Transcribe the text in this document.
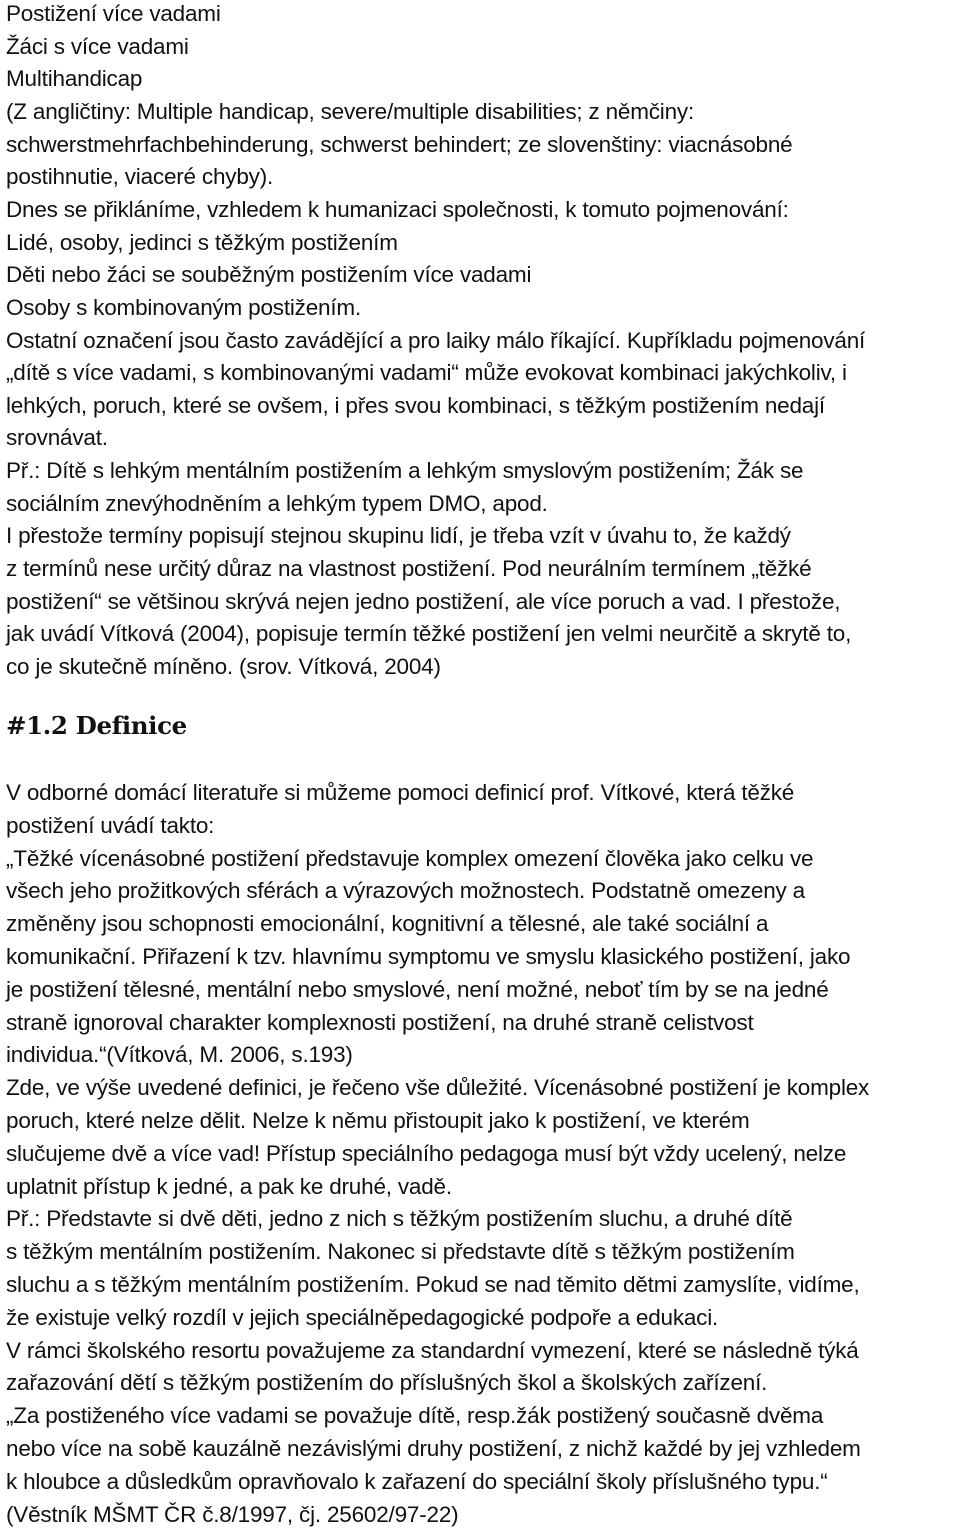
Postižení více vadami
Žáci s více vadami
Multihandicap
(Z angličtiny: Multiple handicap, severe/multiple disabilities; z němčiny:
schwerstmehrfachbehinderung, schwerst behindert; ze slovenštiny: viacnásobné
postihnutie, viaceré chyby).
Dnes se přikláníme, vzhledem k humanizaci společnosti, k tomuto pojmenování:
Lidé, osoby, jedinci s těžkým postižením
Děti nebo žáci se souběžným postižením více vadami
Osoby s kombinovaným postižením.
Ostatní označení jsou často zavádějící a pro laiky málo říkající. Kupříkladu pojmenování
„dítě s více vadami, s kombinovanými vadami“ může evokovat kombinaci jakýchkoliv, i
lehkých, poruch, které se ovšem, i přes svou kombinaci, s těžkým postižením nedají
srovnávat.
Př.: Dítě s lehkým mentálním postižením a lehkým smyslovým postižením; Žák se
sociálním znevýhodněním a lehkým typem DMO, apod.
I přestože termíny popisují stejnou skupinu lidí, je třeba vzít v úvahu to, že každý
z termínů nese určitý důraz na vlastnost postižení. Pod neurálním termínem „těžké
postižení“ se většinou skrývá nejen jedno postižení, ale více poruch a vad. I přestože,
jak uvádí Vítková (2004), popisuje termín těžké postižení jen velmi neurčitě a skrytě to,
co je skutečně míněno. (srov. Vítková, 2004)
#1.2 Definice
V odborné domácí literatuře si můžeme pomoci definicí prof. Vítkové, která těžké
postižení uvádí takto:
„Těžké vícenásobné postižení představuje komplex omezení člověka jako celku ve
všech jeho prožitkových sférách a výrazových možnostech. Podstatně omezeny a
změněny jsou schopnosti emocionální, kognitivní a tělesné, ale také sociální a
komunikační. Přiřazení k tzv. hlavnímu symptomu ve smyslu klasického postižení, jako
je postižení tělesné, mentální nebo smyslové, není možné, neboť tím by se na jedné
straně ignoroval charakter komplexnosti postižení, na druhé straně celistvost
individua.“(Vítková, M. 2006, s.193)
Zde, ve výše uvedené definici, je řečeno vše důležité. Vícenásobné postižení je komplex
poruch, které nelze dělit. Nelze k němu přistoupit jako k postižení, ve kterém
slučujeme dvě a více vad! Přístup speciálního pedagoga musí být vždy ucelený, nelze
uplatnit přístup k jedné, a pak ke druhé, vadě.
Př.: Představte si dvě děti, jedno z nich s těžkým postižením sluchu, a druhé dítě
s těžkým mentálním postižením. Nakonec si představte dítě s těžkým postižením
sluchu a s těžkým mentálním postižením. Pokud se nad těmito dětmi zamyslíte, vidíme,
že existuje velký rozdíl v jejich speciálněpedagogické podpoře a edukaci.
V rámci školského resortu považujeme za standardní vymezení, které se následně týká
zařazování dětí s těžkým postižením do příslušných škol a školských zařízení.
„Za postiženého více vadami se považuje dítě, resp.žák postižený současně dvěma
nebo více na sobě kauzálně nezávislými druhy postižení, z nichž každé by jej vzhledem
k hloubce a důsledkům opravňovalo k zařazení do speciální školy příslušného typu.“
(Věstník MŠMT ČR č.8/1997, čj. 25602/97-22)
